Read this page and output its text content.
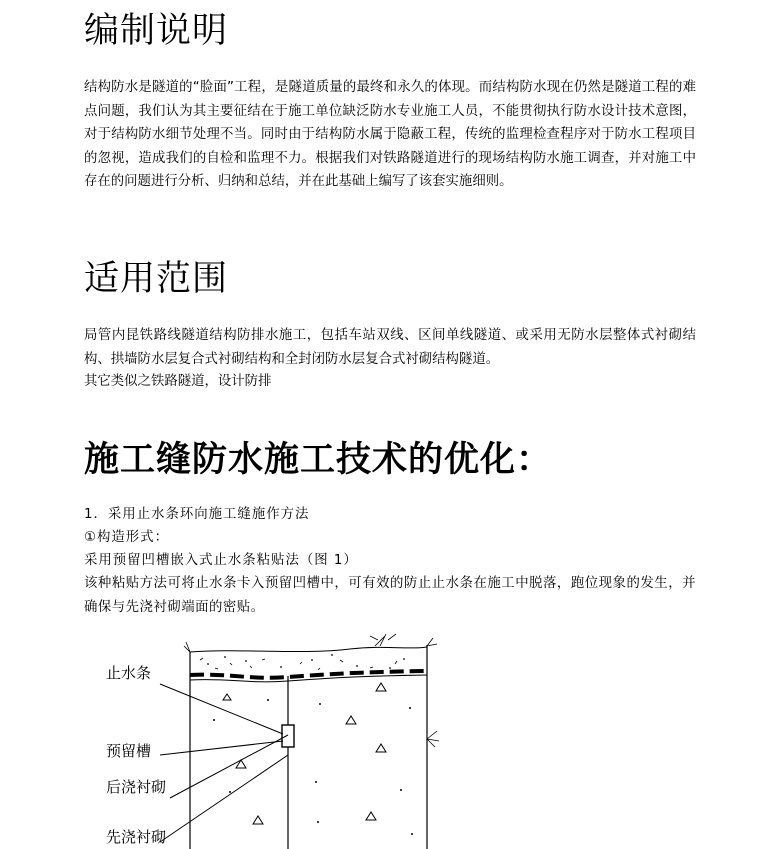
编制说明

结构防水是隧道的“脸面”工程，是隧道质量的最终和永久的体现。而结构防水现在仍然是隧道工程的难点问题，我们认为其主要征结在于施工单位缺泛防水专业施工人员，不能贯彻执行防水设计技术意图，对于结构防水细节处理不当。同时由于结构防水属于隐蔽工程，传统的监理检查程序对于防水工程项目的忽视，造成我们的自检和监理不力。根据我们对铁路隧道进行的现场结构防水施工调查，并对施工中存在的问题进行分析、归纳和总结，并在此基础上编写了该套实施细则。

适用范围

局管内昆铁路线隧道结构防排水施工，包括车站双线、区间单线隧道、或采用无防水层整体式衬砌结构、拱墙防水层复合式衬砌结构和全封闭防水层复合式衬砌结构隧道。

其它类似之铁路隧道，设计防排

施工缝防水施工技术的优化：

1．采用止水条环向施工缝施作方法

①构造形式：

采用预留凹槽嵌入式止水条粘贴法（图 1）

该种粘贴方法可将止水条卡入预留凹槽中，可有效的防止止水条在施工中脱落，跑位现象的发生，并确保与先浇衬砌端面的密贴。

止水条
预留槽
后浇衬砌
先浇衬砌
